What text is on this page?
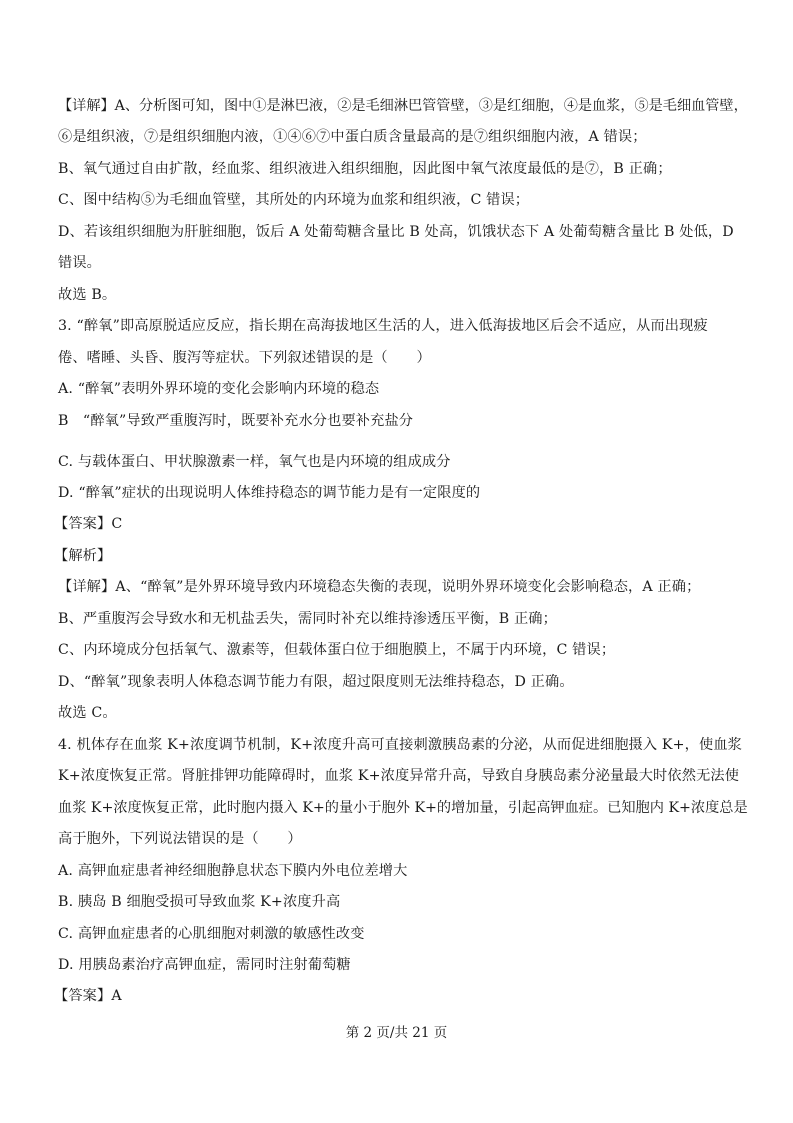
【详解】A、分析图可知，图中①是淋巴液，②是毛细淋巴管管壁，③是红细胞，④是血浆，⑤是毛细血管壁，
⑥是组织液，⑦是组织细胞内液，①④⑥⑦中蛋白质含量最高的是⑦组织细胞内液，A 错误；
B、氧气通过自由扩散，经血浆、组织液进入组织细胞，因此图中氧气浓度最低的是⑦，B 正确；
C、图中结构⑤为毛细血管壁，其所处的内环境为血浆和组织液，C 错误；
D、若该组织细胞为肝脏细胞，饭后 A 处葡萄糖含量比 B 处高，饥饿状态下 A 处葡萄糖含量比 B 处低，D
错误。
故选 B。
3. “醉氧”即高原脱适应反应，指长期在高海拔地区生活的人，进入低海拔地区后会不适应，从而出现疲
倦、嗜睡、头昏、腹泻等症状。下列叙述错误的是（　　）
A. “醉氧”表明外界环境的变化会影响内环境的稳态
B　“醉氧”导致严重腹泻时，既要补充水分也要补充盐分
C. 与载体蛋白、甲状腺激素一样，氧气也是内环境的组成成分
D. “醉氧”症状的出现说明人体维持稳态的调节能力是有一定限度的
【答案】C
【解析】
【详解】A、“醉氧”是外界环境导致内环境稳态失衡的表现，说明外界环境变化会影响稳态，A 正确；
B、严重腹泻会导致水和无机盐丢失，需同时补充以维持渗透压平衡，B 正确；
C、内环境成分包括氧气、激素等，但载体蛋白位于细胞膜上，不属于内环境，C 错误；
D、“醉氧”现象表明人体稳态调节能力有限，超过限度则无法维持稳态，D 正确。
故选 C。
4. 机体存在血浆 K+浓度调节机制，K+浓度升高可直接刺激胰岛素的分泌，从而促进细胞摄入 K+，使血浆
K+浓度恢复正常。肾脏排钾功能障碍时，血浆 K+浓度异常升高，导致自身胰岛素分泌量最大时依然无法使
血浆 K+浓度恢复正常，此时胞内摄入 K+的量小于胞外 K+的增加量，引起高钾血症。已知胞内 K+浓度总是
高于胞外，下列说法错误的是（　　）
A. 高钾血症患者神经细胞静息状态下膜内外电位差增大
B. 胰岛 B 细胞受损可导致血浆 K+浓度升高
C. 高钾血症患者的心肌细胞对刺激的敏感性改变
D. 用胰岛素治疗高钾血症，需同时注射葡萄糖
【答案】A
第 2 页/共 21 页
